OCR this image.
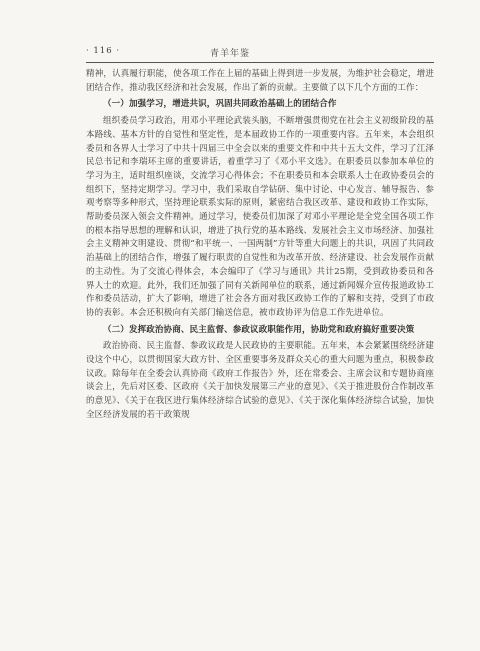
· 116 ·	青羊年鉴

精神，认真履行职能，使各项工作在上届的基础上得到进一步发展，为维护社会稳定，增进团结合作，推动我区经济和社会发展，作出了新的贡献。主要做了以下几个方面的工作：

（一）加强学习，增进共识，巩固共同政治基础上的团结合作

组织委员学习政治，用邓小平理论武装头脑，不断增强贯彻党在社会主义初级阶段的基本路线、基本方针的自觉性和坚定性，是本届政协工作的一项重要内容。五年来，本会组织委员和各界人士学习了中共十四届三中全会以来的重要文件和中共十五大文件，学习了江泽民总书记和李瑞环主席的重要讲话，着重学习了《邓小平文选》。在职委员以参加本单位的学习为主，适时组织座谈，交流学习心得体会；不在职委员和本会联系人士在政协委员会的组织下，坚持定期学习。学习中，我们采取自学钻研、集中讨论、中心发言、辅导报告、参观考察等多种形式，坚持理论联系实际的原则，紧密结合我区改革、建设和政协工作实际，帮助委员深入领会文件精神。通过学习，使委员们加深了对邓小平理论是全党全国各项工作的根本指导思想的理解和认识，增进了执行党的基本路线、发展社会主义市场经济、加强社会主义精神文明建设、贯彻“和平统一、一国两制”方针等重大问题上的共识，巩固了共同政治基础上的团结合作，增强了履行职责的自觉性和为改革开放、经济建设、社会发展作贡献的主动性。为了交流心得体会，本会编印了《学习与通讯》共计25期，受到政协委员和各界人士的欢迎。此外，我们还加强了同有关新闻单位的联系，通过新闻媒介宣传报道政协工作和委员活动，扩大了影响，增进了社会各方面对我区政协工作的了解和支持，受到了市政协的表彰。本会还积极向有关部门输送信息，被市政协评为信息工作先进单位。

（二）发挥政治协商、民主监督、参政议政职能作用，协助党和政府搞好重要决策

政治协商、民主监督、参政议政是人民政协的主要职能。五年来，本会紧紧围绕经济建设这个中心，以贯彻国家大政方针、全区重要事务及群众关心的重大问题为重点，积极参政议政。除每年在全委会认真协商《政府工作报告》外，还在常委会、主席会议和专题协商座谈会上，先后对区委、区政府《关于加快发展第三产业的意见》、《关于推进股份合作制改革的意见》、《关于在我区进行集体经济综合试验的意见》、《关于深化集体经济综合试验，加快全区经济发展的若干政策规
